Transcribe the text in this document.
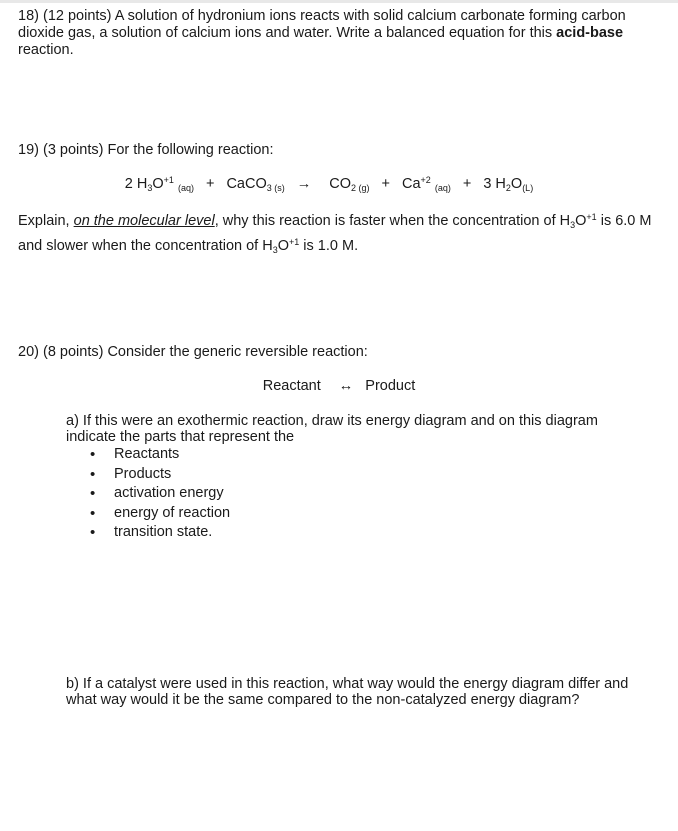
18) (12 points) A solution of hydronium ions reacts with solid calcium carbonate forming carbon dioxide gas, a solution of calcium ions and water. Write a balanced equation for this acid-base reaction.
19) (3 points) For the following reaction:
2 $H_3O^{+1}$ $_{(aq)}$ + CaCO$_{3 (s)}$ → $CO_{2 (g)} + Ca^{+2}$ $_{(aq)}$ + 3 $H_2O_{(L)}$
Explain, on the molecular level, why this reaction is faster when the concentration of $H_3O^{+1}$ is 6.0 M and slower when the concentration of $H_3O^{+1}$ is 1.0 M.
20) (8 points) Consider the generic reversible reaction:
Reactant ↔ Product
a) If this were an exothermic reaction, draw its energy diagram and on this diagram indicate the parts that represent the
• Reactants
• Products
• activation energy
• energy of reaction
• transition state.
b) If a catalyst were used in this reaction, what way would the energy diagram differ and what way would it be the same compared to the non-catalyzed energy diagram?
